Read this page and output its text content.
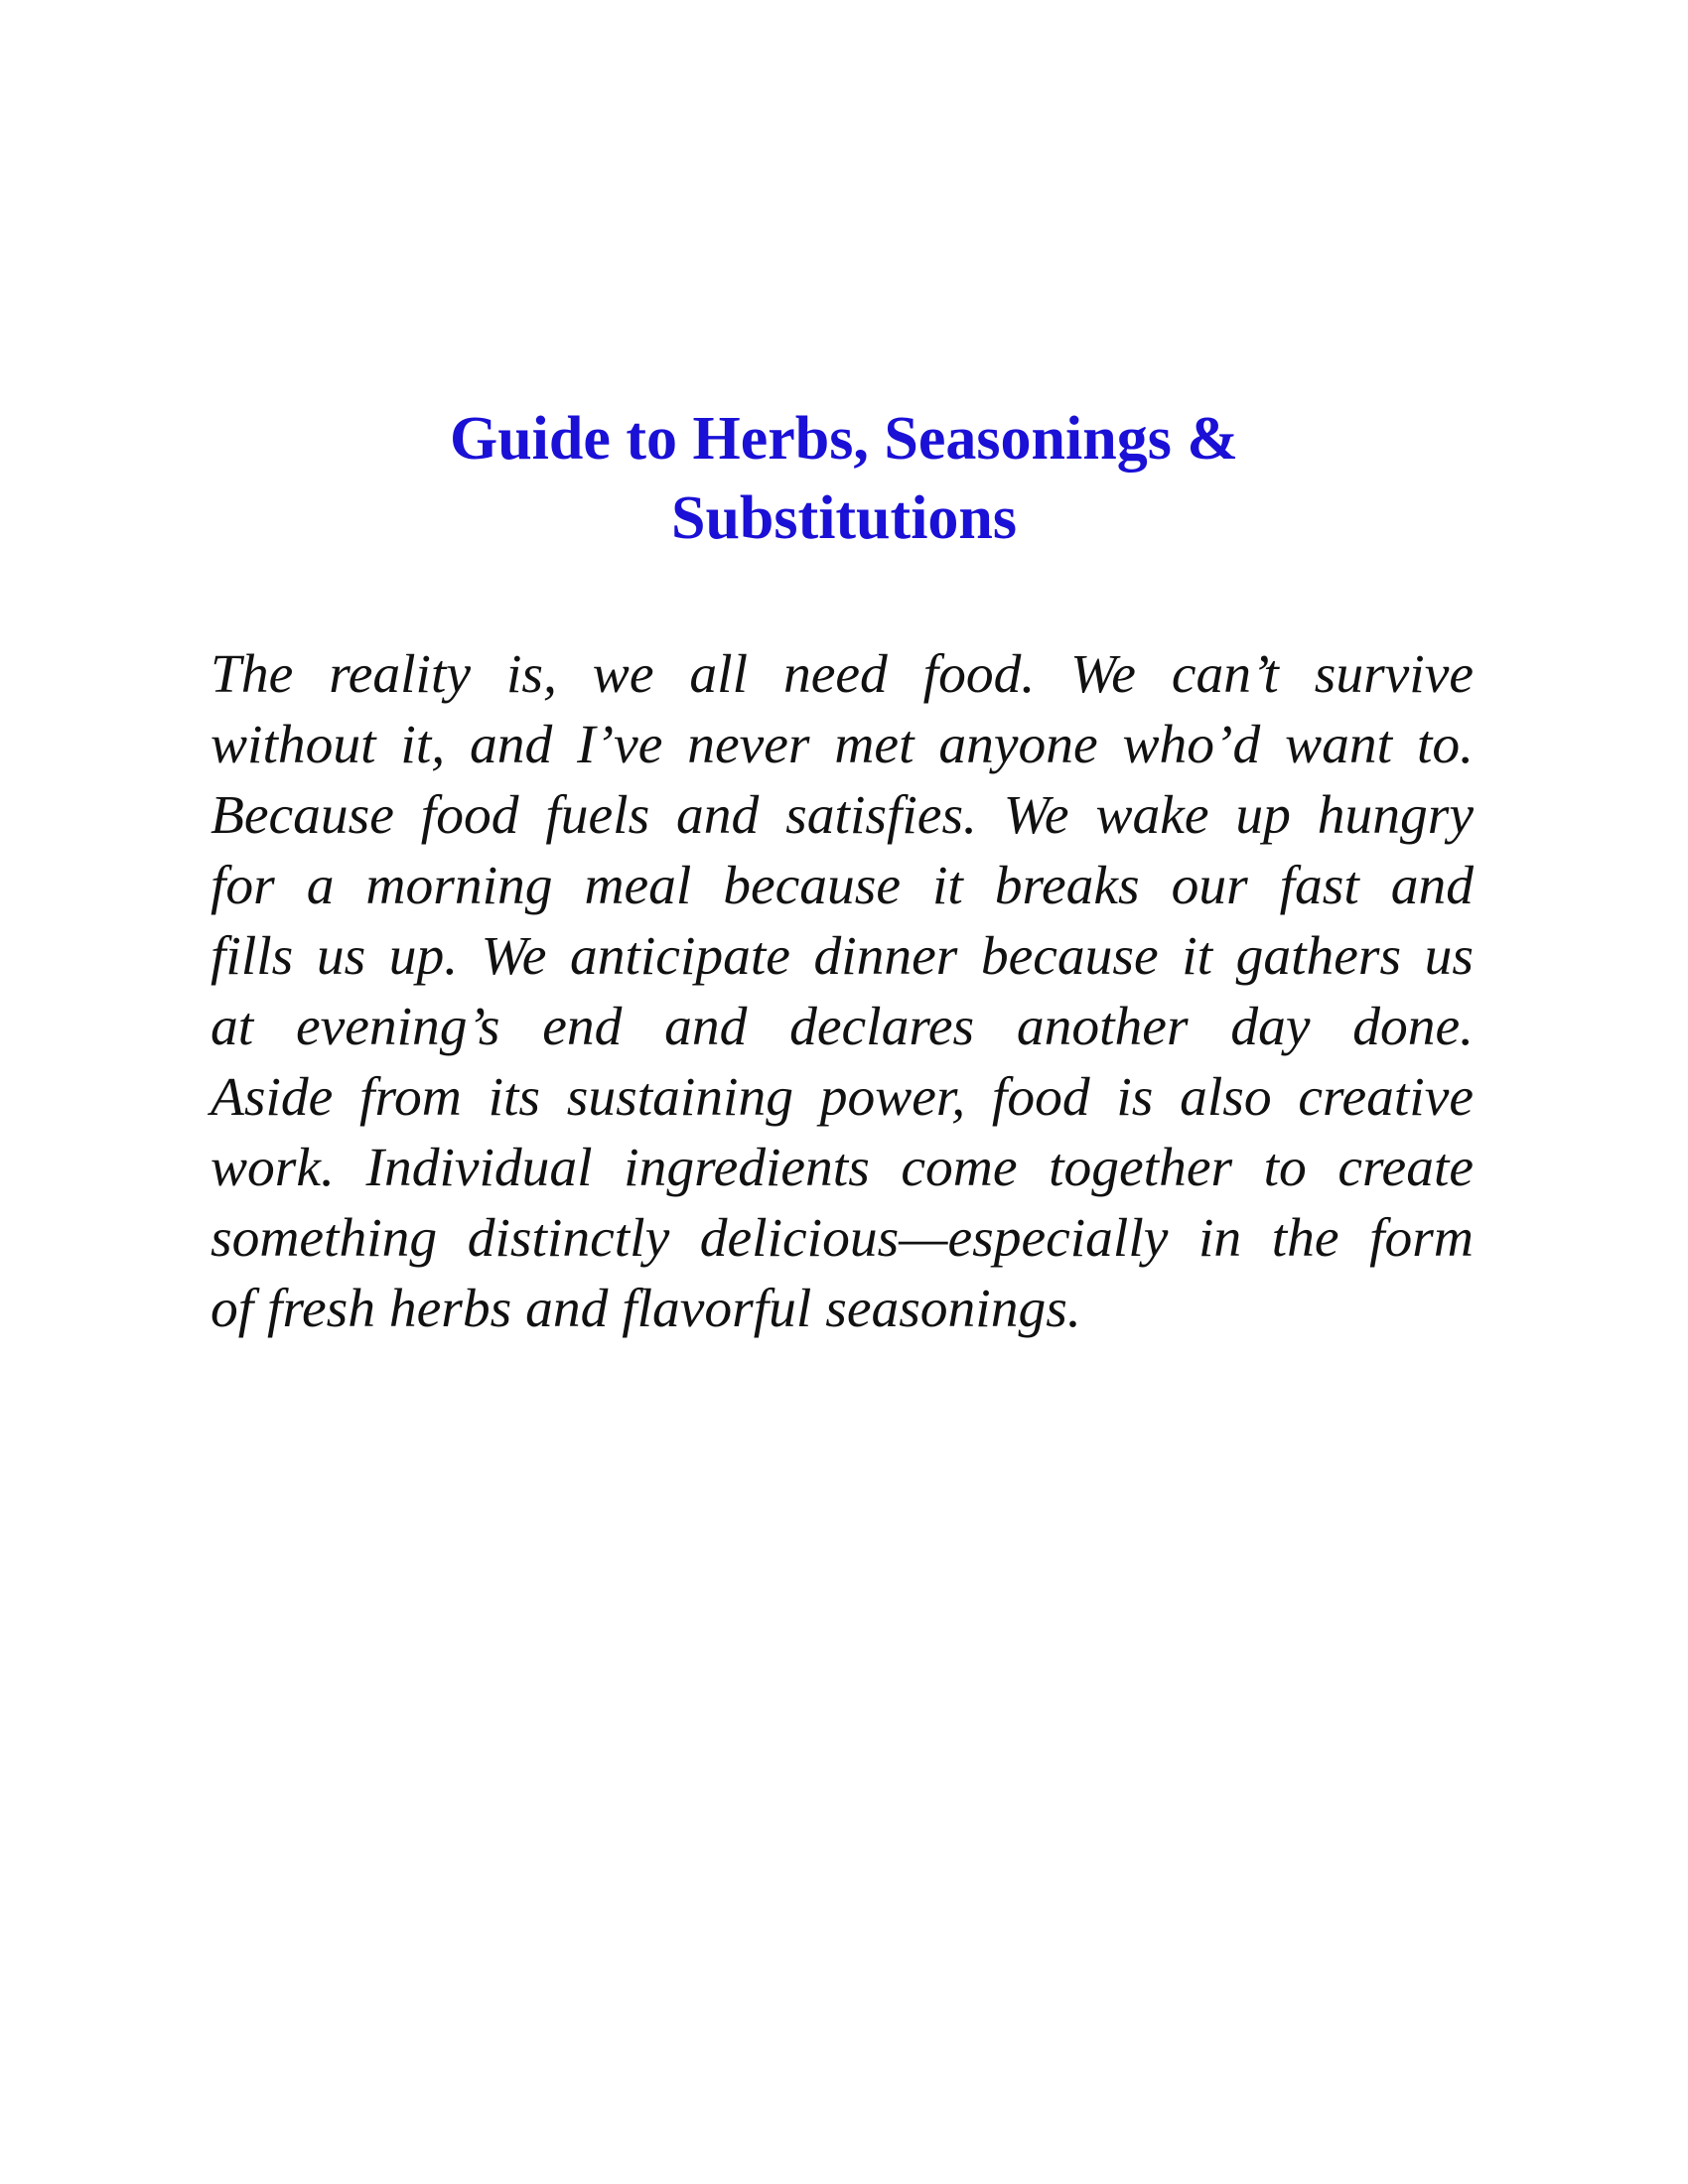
Guide to Herbs, Seasonings &
Substitutions

The reality is, we all need food. We can’t survive
without it, and I’ve never met anyone who’d want to.
Because food fuels and satisfies. We wake up hungry
for a morning meal because it breaks our fast and
fills us up. We anticipate dinner because it gathers us
at evening’s end and declares another day done.
Aside from its sustaining power, food is also creative
work. Individual ingredients come together to create
something distinctly delicious—especially in the form
of fresh herbs and flavorful seasonings.
